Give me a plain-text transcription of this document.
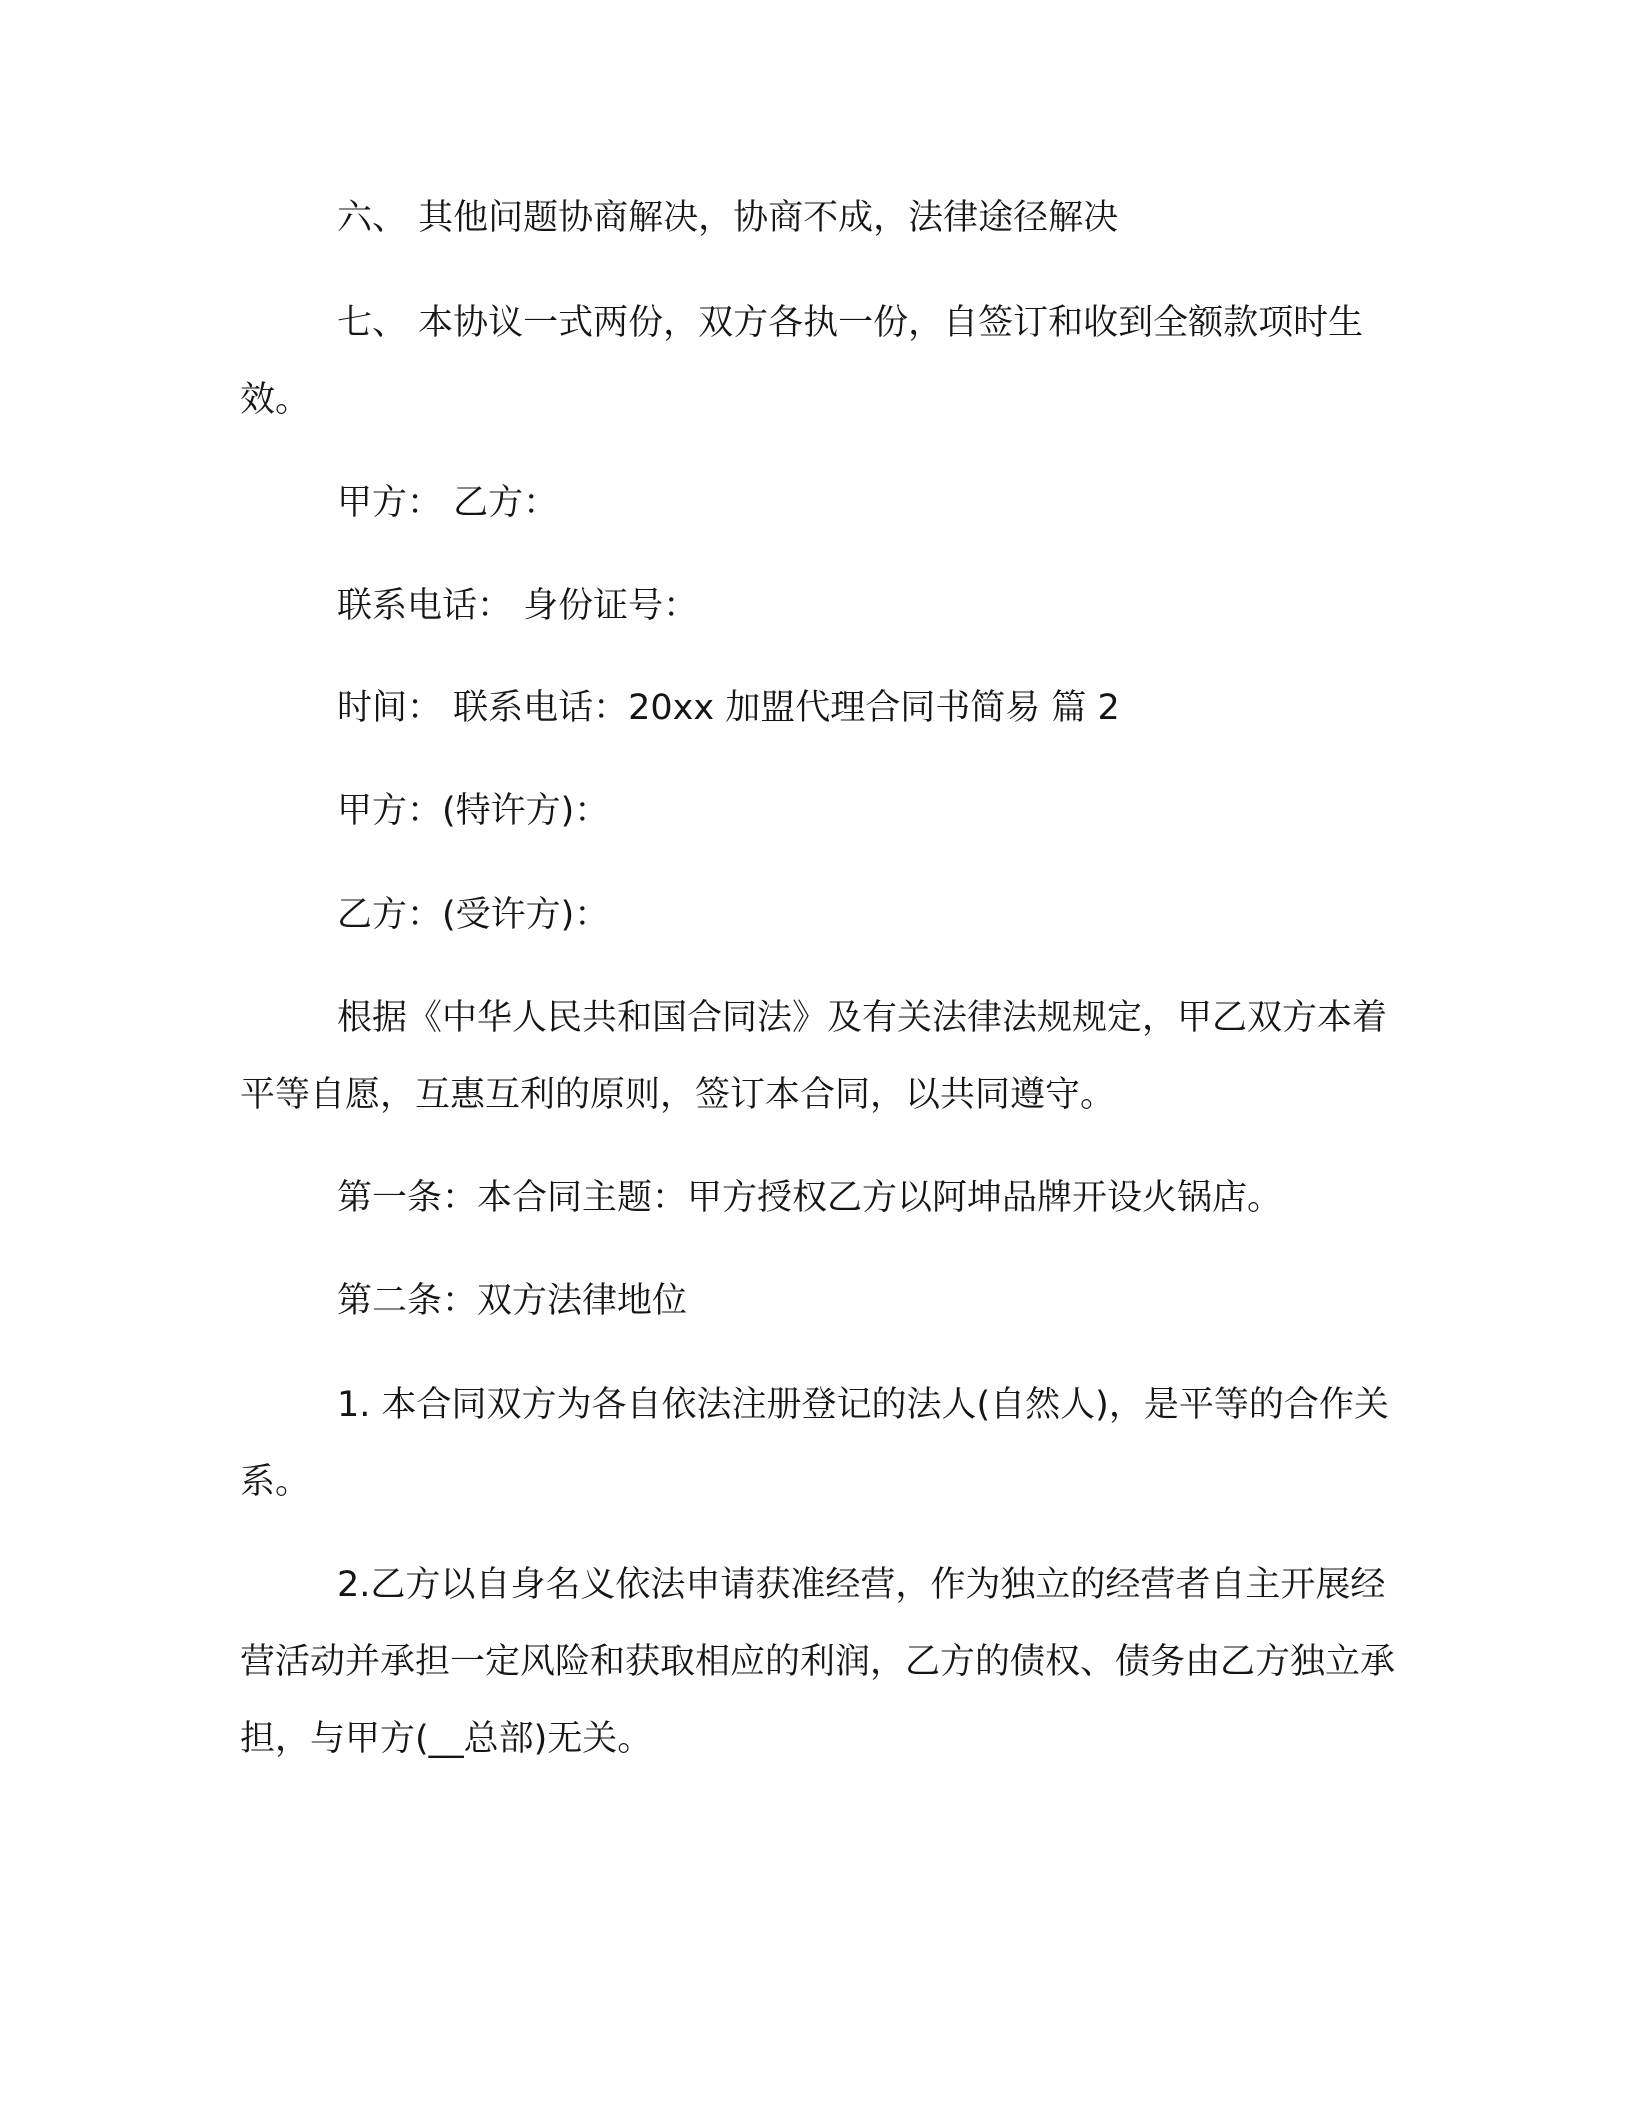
六、 其他问题协商解决，协商不成，法律途径解决

七、 本协议一式两份，双方各执一份，自签订和收到全额款项时生效。

甲方： 乙方：

联系电话： 身份证号：

时间： 联系电话：20xx 加盟代理合同书简易 篇 2

甲方：(特许方)：

乙方：(受许方)：

根据《中华人民共和国合同法》及有关法律法规规定，甲乙双方本着平等自愿，互惠互利的原则，签订本合同，以共同遵守。

第一条：本合同主题：甲方授权乙方以阿坤品牌开设火锅店。

第二条：双方法律地位

1. 本合同双方为各自依法注册登记的法人(自然人)，是平等的合作关系。

2.乙方以自身名义依法申请获准经营，作为独立的经营者自主开展经营活动并承担一定风险和获取相应的利润，乙方的债权、债务由乙方独立承担，与甲方(__总部)无关。
